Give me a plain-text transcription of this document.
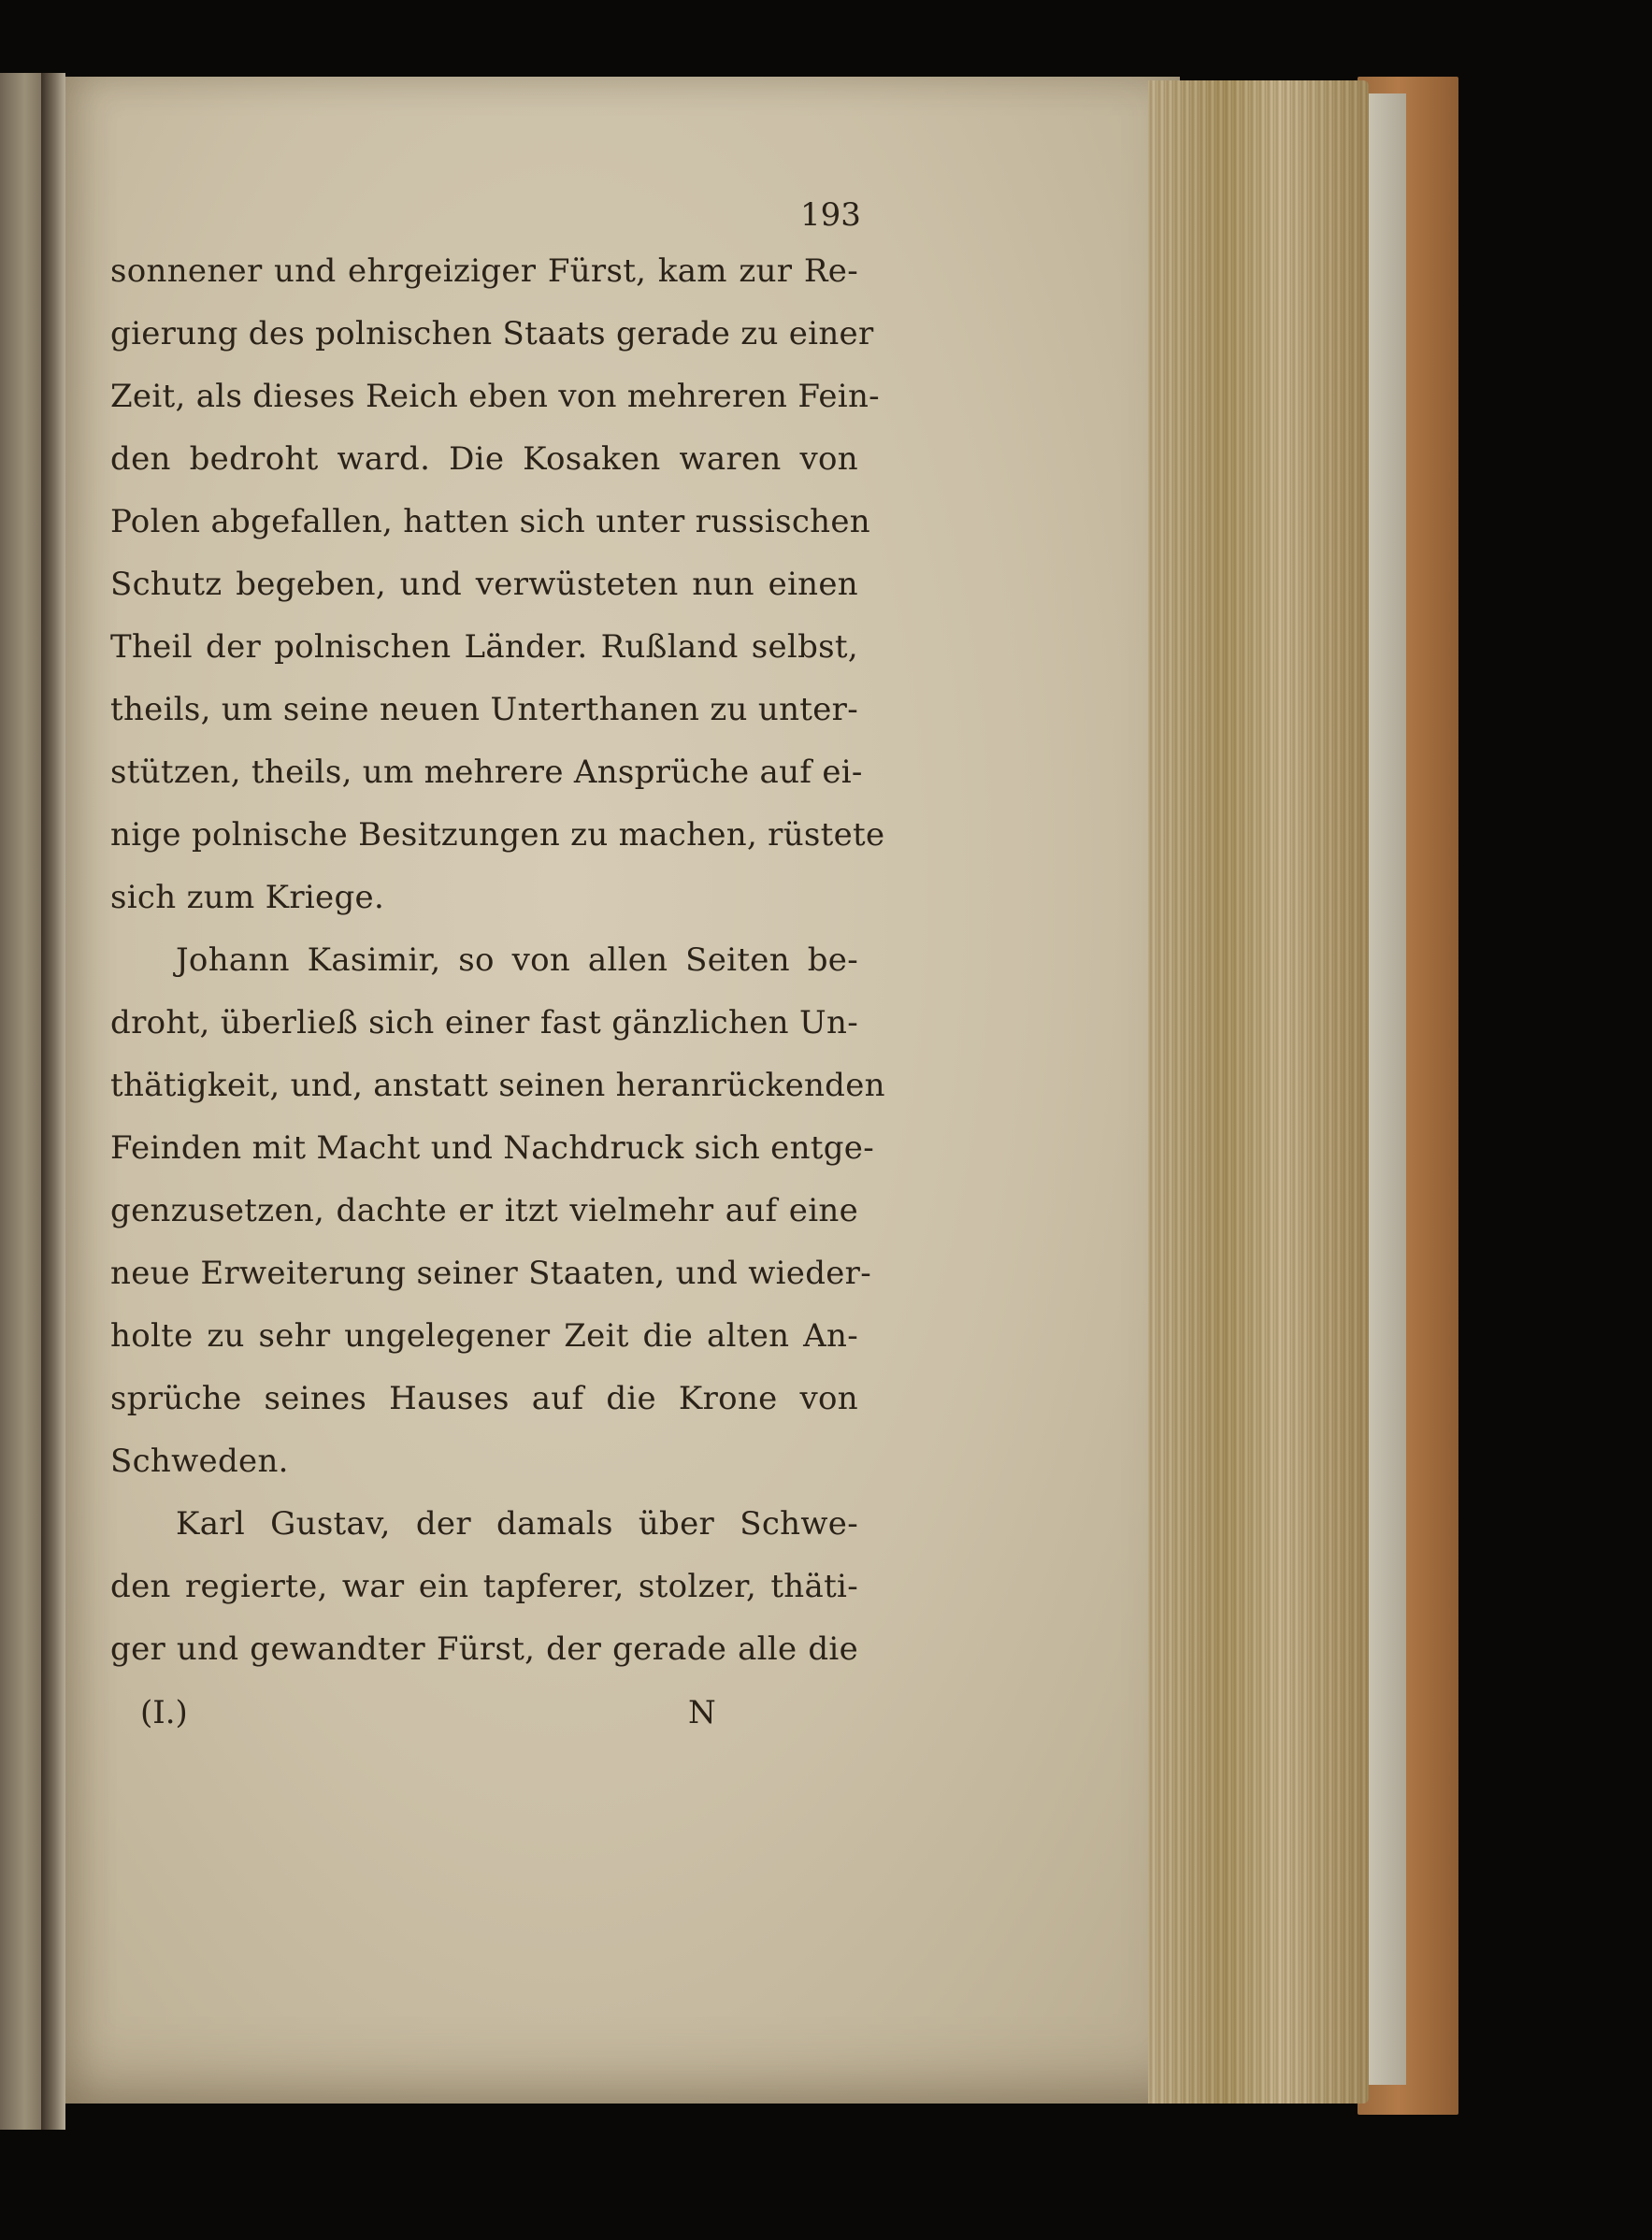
193
sonnener und ehrgeiziger Fürst, kam zur Re-
gierung des polnischen Staats gerade zu einer
Zeit, als dieses Reich eben von mehreren Fein-
den bedroht ward. Die Kosaken waren von
Polen abgefallen, hatten sich unter russischen
Schutz begeben, und verwüsteten nun einen
Theil der polnischen Länder. Rußland selbst,
theils, um seine neuen Unterthanen zu unter-
stützen, theils, um mehrere Ansprüche auf ei-
nige polnische Besitzungen zu machen, rüstete
sich zum Kriege.
Johann Kasimir, so von allen Seiten be-
droht, überließ sich einer fast gänzlichen Un-
thätigkeit, und, anstatt seinen heranrückenden
Feinden mit Macht und Nachdruck sich entge-
genzusetzen, dachte er itzt vielmehr auf eine
neue Erweiterung seiner Staaten, und wieder-
holte zu sehr ungelegener Zeit die alten An-
sprüche seines Hauses auf die Krone von
Schweden.
Karl Gustav, der damals über Schwe-
den regierte, war ein tapferer, stolzer, thäti-
ger und gewandter Fürst, der gerade alle die
(I.)	N
